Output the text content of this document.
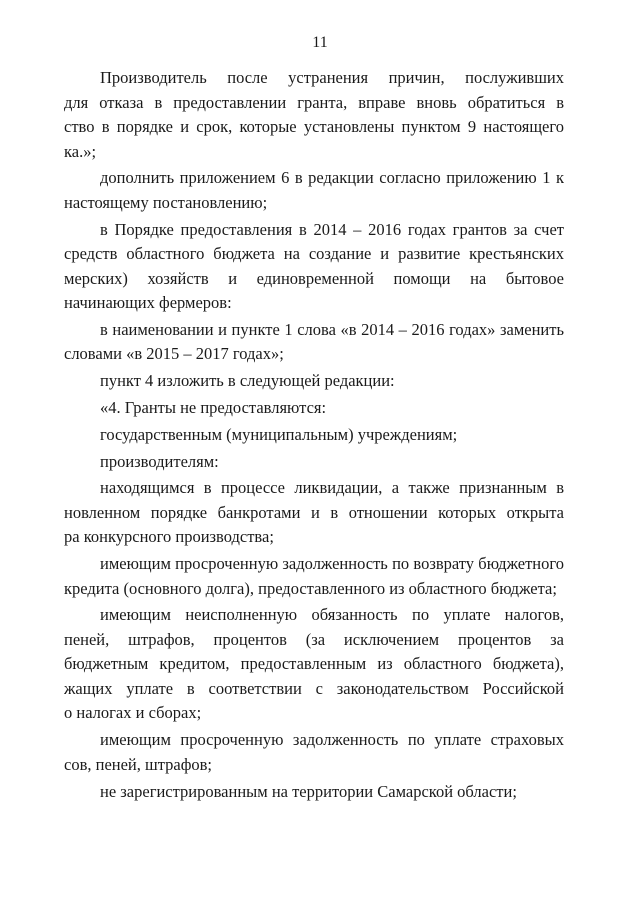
11
Производитель после устранения причин, послуживших
для отказа в предоставлении гранта, вправе вновь обратиться в
ство в порядке и срок, которые установлены пунктом 9 настоящего
ка.»;
дополнить приложением 6 в редакции согласно приложению 1 к
настоящему постановлению;
в Порядке предоставления в 2014 – 2016 годах грантов за счет
средств областного бюджета на создание и развитие крестьянских
мерских) хозяйств и единовременной помощи на бытовое
начинающих фермеров:
в наименовании и пункте 1 слова «в 2014 – 2016 годах» заменить
словами «в 2015 – 2017 годах»;
пункт 4 изложить в следующей редакции:
«4. Гранты не предоставляются:
государственным (муниципальным) учреждениям;
производителям:
находящимся в процессе ликвидации, а также признанным в
новленном порядке банкротами и в отношении которых открыта
ра конкурсного производства;
имеющим просроченную задолженность по возврату бюджетного
кредита (основного долга), предоставленного из областного бюджета;
имеющим неисполненную обязанность по уплате налогов,
пеней, штрафов, процентов (за исключением процентов за
бюджетным кредитом, предоставленным из областного бюджета),
жащих уплате в соответствии с законодательством Российской
о налогах и сборах;
имеющим просроченную задолженность по уплате страховых
сов, пеней, штрафов;
не зарегистрированным на территории Самарской области;
